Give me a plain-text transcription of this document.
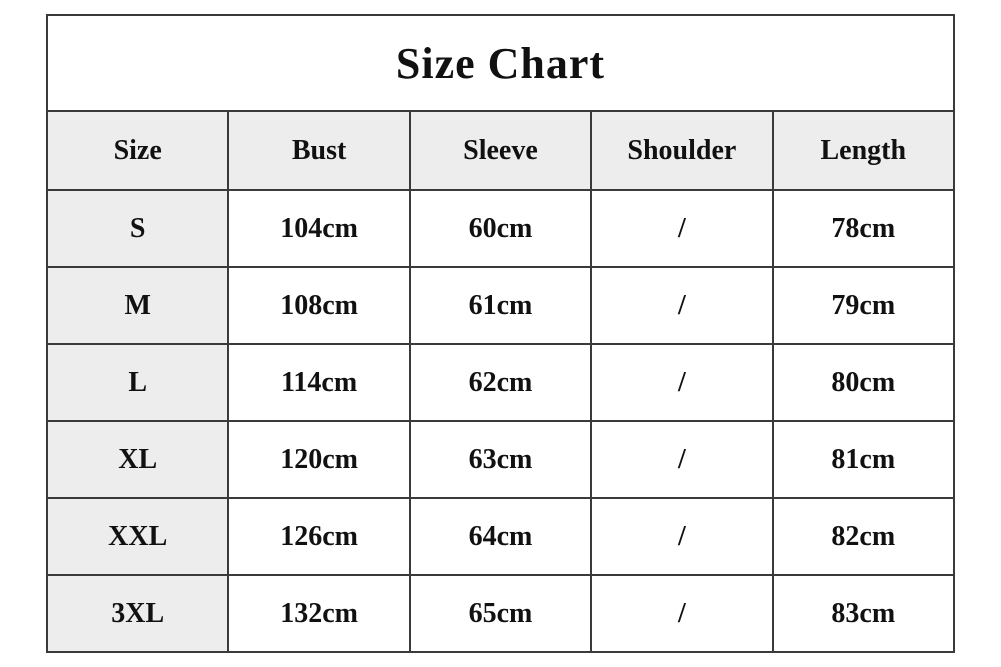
Size Chart				
Size	Bust	Sleeve	Shoulder	Length
S	104cm	60cm	/	78cm
M	108cm	61cm	/	79cm
L	114cm	62cm	/	80cm
XL	120cm	63cm	/	81cm
XXL	126cm	64cm	/	82cm
3XL	132cm	65cm	/	83cm
